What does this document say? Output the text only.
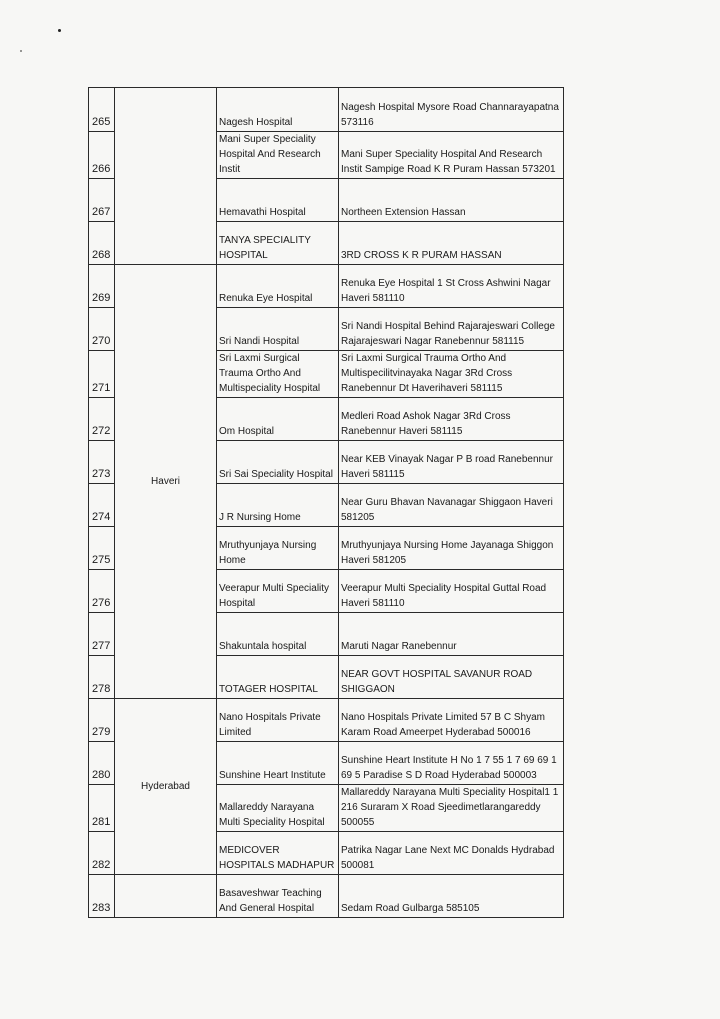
265		Nagesh Hospital	Nagesh Hospital Mysore Road Channarayapatna 573116
266		Mani Super Speciality Hospital And Research Instit	Mani Super Speciality Hospital And Research Instit Sampige Road K R Puram Hassan 573201
267		Hemavathi Hospital	Northeen Extension Hassan
268		TANYA SPECIALITY HOSPITAL	3RD CROSS K R PURAM HASSAN
269	Haveri	Renuka Eye Hospital	Renuka Eye Hospital 1 St Cross Ashwini Nagar Haveri 581110
270		Sri Nandi Hospital	Sri Nandi Hospital Behind Rajarajeswari College Rajarajeswari Nagar Ranebennur 581115
271		Sri Laxmi Surgical Trauma Ortho And Multispeciality Hospital	Sri Laxmi Surgical Trauma Ortho And Multispecilitvinayaka Nagar 3Rd Cross Ranebennur Dt Haverihaveri 581115
272		Om Hospital	Medleri Road Ashok Nagar 3Rd Cross Ranebennur Haveri 581115
273		Sri Sai Speciality Hospital	Near KEB Vinayak Nagar P B road Ranebennur Haveri 581115
274		J R Nursing Home	Near Guru Bhavan Navanagar Shiggaon Haveri 581205
275		Mruthyunjaya Nursing Home	Mruthyunjaya Nursing Home Jayanaga Shiggon Haveri 581205
276		Veerapur Multi Speciality Hospital	Veerapur Multi Speciality Hospital Guttal Road Haveri 581110
277		Shakuntala hospital	Maruti Nagar Ranebennur
278		TOTAGER HOSPITAL	NEAR GOVT HOSPITAL SAVANUR ROAD SHIGGAON
279	Hyderabad	Nano Hospitals Private Limited	Nano Hospitals Private Limited 57 B C Shyam Karam Road Ameerpet Hyderabad 500016
280		Sunshine Heart Institute	Sunshine Heart Institute H No 1 7 55 1 7 69 69 1 69 5 Paradise S D Road Hyderabad 500003
281		Mallareddy Narayana Multi Speciality Hospital	Mallareddy Narayana Multi Speciality Hospital1 1 216 Suraram X Road Sjeedimetlarangareddy 500055
282		MEDICOVER HOSPITALS MADHAPUR	Patrika Nagar Lane Next MC Donalds Hydrabad 500081
283		Basaveshwar Teaching And General Hospital	Sedam Road Gulbarga 585105
